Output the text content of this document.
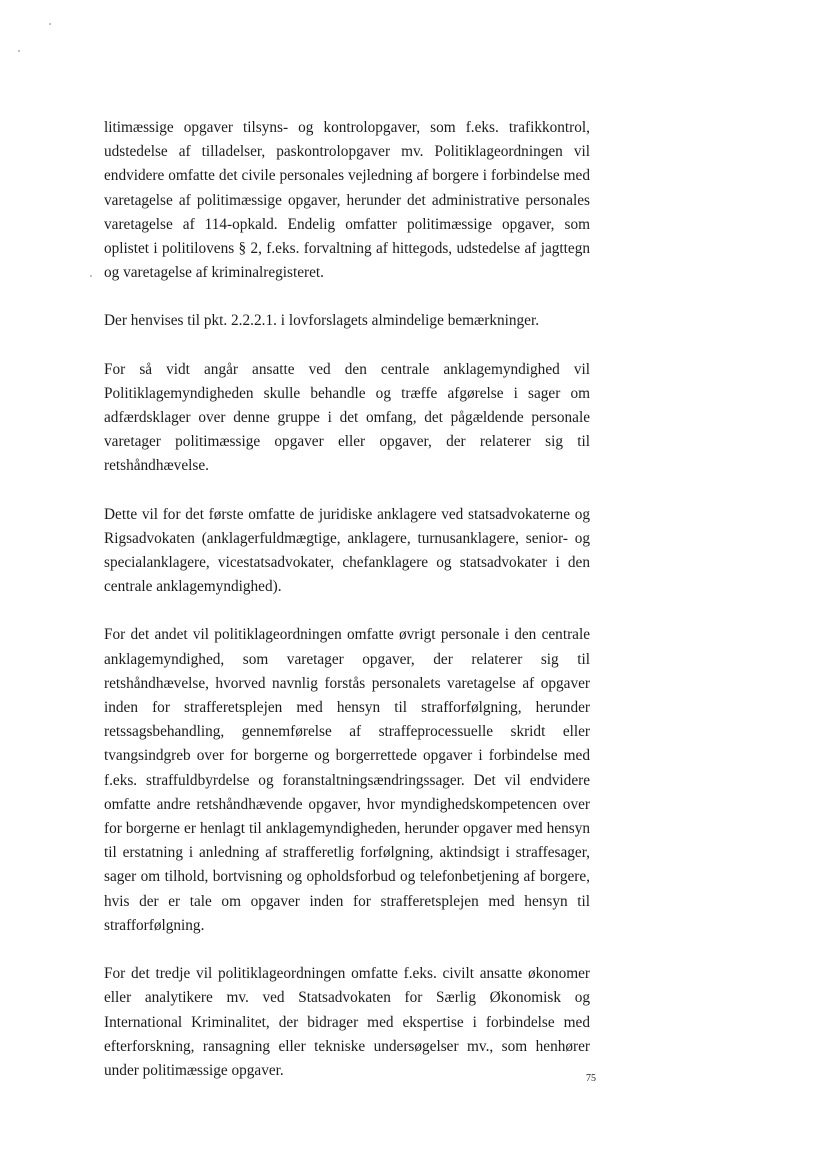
litimæssige opgaver tilsyns- og kontrolopgaver, som f.eks. trafikkontrol, udstedelse af tilladelser, paskontrolopgaver mv. Politiklageordningen vil endvidere omfatte det civile personales vejledning af borgere i forbindelse med varetagelse af politimæssige opgaver, herunder det administrative personales varetagelse af 114-opkald. Endelig omfatter politimæssige opgaver, som oplistet i politilovens § 2, f.eks. forvaltning af hittegods, udstedelse af jagttegn og varetagelse af kriminalregisteret.

Der henvises til pkt. 2.2.2.1. i lovforslagets almindelige bemærkninger.

For så vidt angår ansatte ved den centrale anklagemyndighed vil Politiklagemyndigheden skulle behandle og træffe afgørelse i sager om adfærdsklager over denne gruppe i det omfang, det pågældende personale varetager politimæssige opgaver eller opgaver, der relaterer sig til retshåndhævelse.

Dette vil for det første omfatte de juridiske anklagere ved statsadvokaterne og Rigsadvokaten (anklagerfuldmægtige, anklagere, turnusanklagere, senior- og specialanklagere, vicestatsadvokater, chefanklagere og statsadvokater i den centrale anklagemyndighed).

For det andet vil politiklageordningen omfatte øvrigt personale i den centrale anklagemyndighed, som varetager opgaver, der relaterer sig til retshåndhævelse, hvorved navnlig forstås personalets varetagelse af opgaver inden for strafferetsplejen med hensyn til strafforfølgning, herunder retssagsbehandling, gennemførelse af straffeprocessuelle skridt eller tvangsindgreb over for borgerne og borgerrettede opgaver i forbindelse med f.eks. straffuldbyrdelse og foranstaltningsændringssager. Det vil endvidere omfatte andre retshåndhævende opgaver, hvor myndighedskompetencen over for borgerne er henlagt til anklagemyndigheden, herunder opgaver med hensyn til erstatning i anledning af strafferetlig forfølgning, aktindsigt i straffesager, sager om tilhold, bortvisning og opholdsforbud og telefonbetjening af borgere, hvis der er tale om opgaver inden for strafferetsplejen med hensyn til strafforfølgning.

For det tredje vil politiklageordningen omfatte f.eks. civilt ansatte økonomer eller analytikere mv. ved Statsadvokaten for Særlig Økonomisk og International Kriminalitet, der bidrager med ekspertise i forbindelse med efterforskning, ransagning eller tekniske undersøgelser mv., som henhører under politimæssige opgaver.	75
